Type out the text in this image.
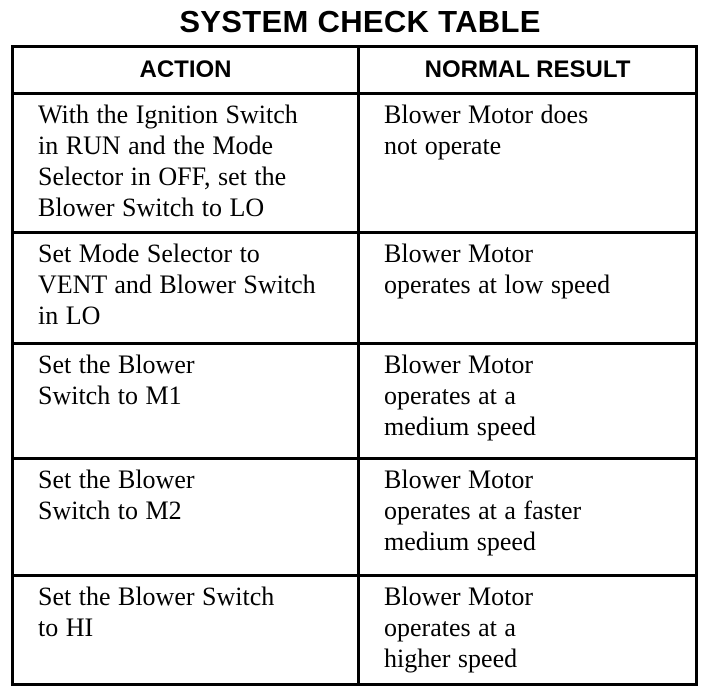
SYSTEM CHECK TABLE
ACTION	NORMAL RESULT

With the Ignition Switch
in RUN and the Mode
Selector in OFF, set the
Blower Switch to LO	Blower Motor does
not operate

Set Mode Selector to
VENT and Blower Switch
in LO	Blower Motor
operates at low speed

Set the Blower
Switch to M1	Blower Motor
operates at a
medium speed

Set the Blower
Switch to M2	Blower Motor
operates at a faster
medium speed

Set the Blower Switch
to HI	Blower Motor
operates at a
higher speed
